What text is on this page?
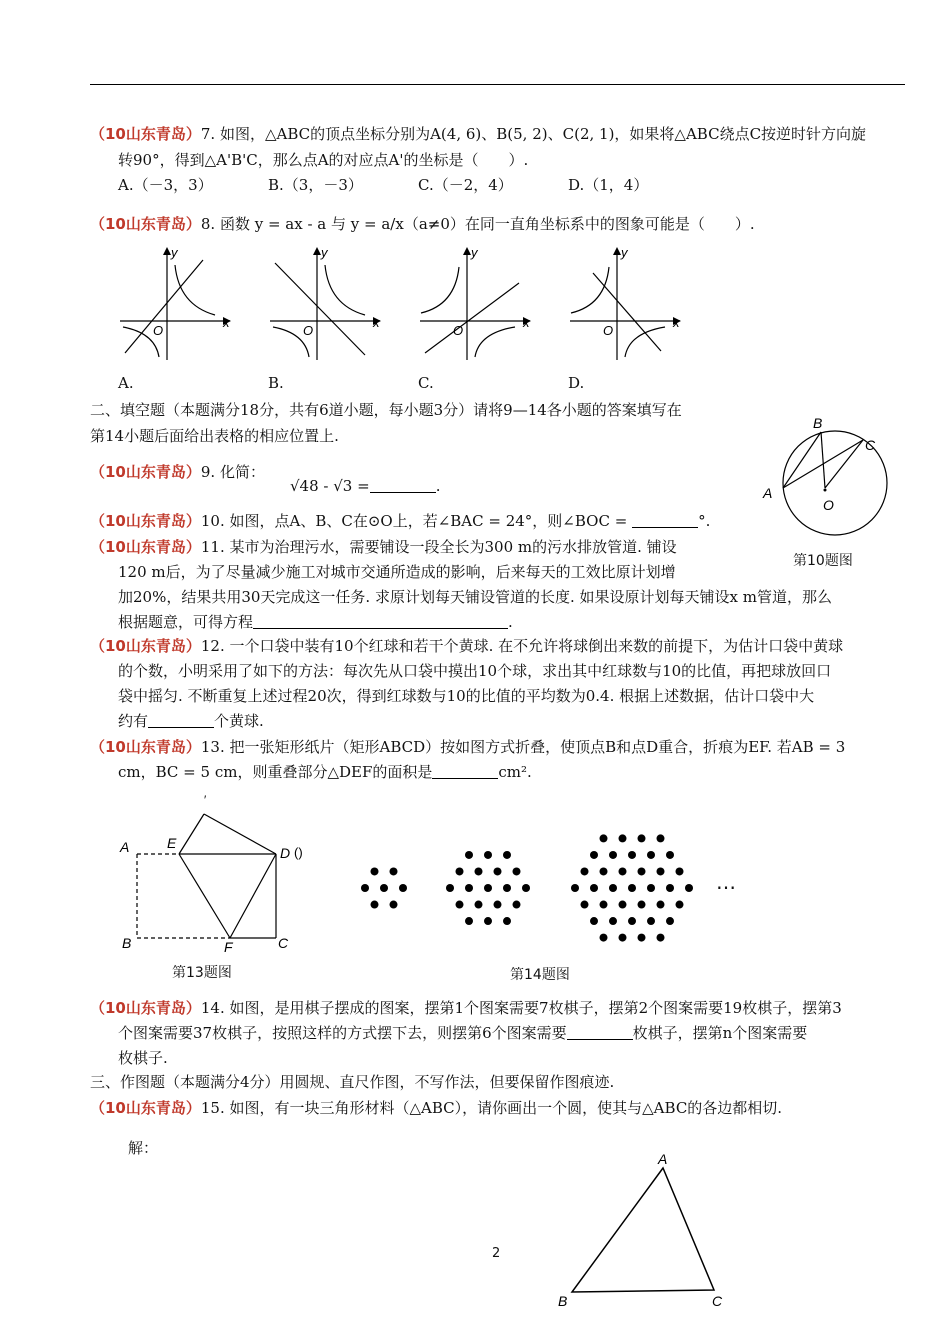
（10山东青岛）7. 如图，△ABC的顶点坐标分别为A(4, 6)、B(5, 2)、C(2, 1)，如果将△ABC绕点C按逆时针方向旋
转90°，得到△A'B'C，那么点A的对应点A'的坐标是（　　）.
A.（－3，3）	B.（3，－3）	C.（－2，4）	D.（1，4）
（10山东青岛）8. 函数 y = ax - a 与 y = a/x（a≠0）在同一直角坐标系中的图象可能是（　　）.
y
x
O
y
x
O
y
x
O
y
x
O
A.	B.	C.	D.
二、填空题（本题满分18分，共有6道小题，每小题3分）请将9—14各小题的答案填写在
第14小题后面给出表格的相应位置上.
（10山东青岛）9. 化简：
√48 - √3 =	.	A
B
C
O
第10题图
（10山东青岛）10. 如图，点A、B、C在⊙O上，若∠BAC = 24°，则∠BOC =	°.
（10山东青岛）11. 某市为治理污水，需要铺设一段全长为300 m的污水排放管道. 铺设
120 m后，为了尽量减少施工对城市交通所造成的影响，后来每天的工效比原计划增
加20%，结果共用30天完成这一任务. 求原计划每天铺设管道的长度. 如果设原计划每天铺设x m管道，那么
根据题意，可得方程	.
（10山东青岛）12. 一个口袋中装有10个红球和若干个黄球. 在不允许将球倒出来数的前提下，为估计口袋中黄球
的个数，小明采用了如下的方法：每次先从口袋中摸出10个球，求出其中红球数与10的比值，再把球放回口
袋中摇匀. 不断重复上述过程20次，得到红球数与10的比值的平均数为0.4. 根据上述数据，估计口袋中大
约有	个黄球.
（10山东青岛）13. 把一张矩形纸片（矩形ABCD）按如图方式折叠，使顶点B和点D重合，折痕为EF. 若AB = 3
cm，BC = 5 cm，则重叠部分△DEF的面积是	cm².
′
A	E
D ()
B	F	C
第13题图
…
第14题图
（10山东青岛）14. 如图，是用棋子摆成的图案，摆第1个图案需要7枚棋子，摆第2个图案需要19枚棋子，摆第3
个图案需要37枚棋子，按照这样的方式摆下去，则摆第6个图案需要	枚棋子，摆第n个图案需要
枚棋子.
三、作图题（本题满分4分）用圆规、直尺作图，不写作法，但要保留作图痕迹.
（10山东青岛）15. 如图，有一块三角形材料（△ABC），请你画出一个圆，使其与△ABC的各边都相切.
解：
A
B	C
2
